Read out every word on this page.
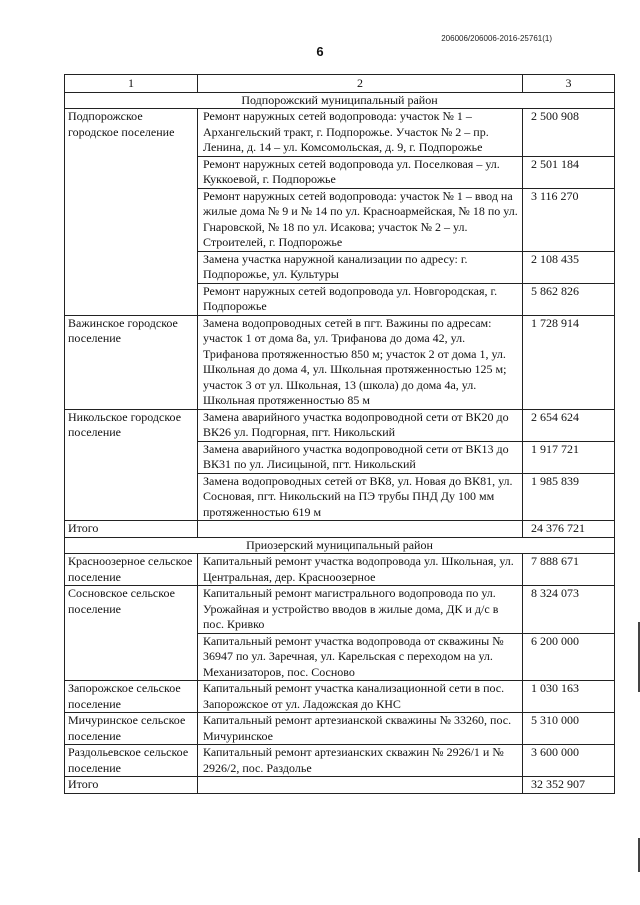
206006/206006-2016-25761(1)
6
1	2	3
Подпорожский муниципальный район		
Подпорожское городское поселение	Ремонт наружных сетей водопровода: участок № 1 – Архангельский тракт, г. Подпорожье. Участок № 2 – пр. Ленина, д. 14 – ул. Комсомольская, д. 9, г. Подпорожье	2 500 908
	Ремонт наружных сетей водопровода ул. Поселковая – ул. Куккоевой, г. Подпорожье	2 501 184
	Ремонт наружных сетей водопровода: участок № 1 – ввод на жилые дома № 9 и № 14 по ул. Красноармейская, № 18 по ул. Гнаровской, № 18 по ул. Исакова; участок № 2 – ул. Строителей, г. Подпорожье	3 116 270
	Замена участка наружной канализации по адресу: г. Подпорожье, ул. Культуры	2 108 435
	Ремонт наружных сетей водопровода ул. Новгородская, г. Подпорожье	5 862 826
Важинское городское поселение	Замена водопроводных сетей в пгт. Важины по адресам: участок 1 от дома 8а, ул. Трифанова до дома 42, ул. Трифанова протяженностью 850 м; участок 2 от дома 1, ул. Школьная до дома 4, ул. Школьная протяженностью 125 м; участок 3 от ул. Школьная, 13 (школа) до дома 4а, ул. Школьная протяженностью 85 м	1 728 914
Никольское городское поселение	Замена аварийного участка водопроводной сети от ВК20 до ВК26 ул. Подгорная, пгт. Никольский	2 654 624
	Замена аварийного участка водопроводной сети от ВК13 до ВК31 по ул. Лисицыной, пгт. Никольский	1 917 721
	Замена водопроводных сетей от ВК8, ул. Новая до ВК81, ул. Сосновая, пгт. Никольский на ПЭ трубы ПНД Ду 100 мм протяженностью 619 м	1 985 839
Итого		24 376 721
Приозерский муниципальный район		
Красноозерное сельское поселение	Капитальный ремонт участка водопровода ул. Школьная, ул. Центральная, дер. Красноозерное	7 888 671
Сосновское сельское поселение	Капитальный ремонт магистрального водопровода по ул. Урожайная и устройство вводов в жилые дома, ДК и д/с в пос. Кривко	8 324 073
	Капитальный ремонт участка водопровода от скважины № 36947 по ул. Заречная, ул. Карельская с переходом на ул. Механизаторов, пос. Сосново	6 200 000
Запорожское сельское поселение	Капитальный ремонт участка канализационной сети в пос. Запорожское от ул. Ладожская до КНС	1 030 163
Мичуринское сельское поселение	Капитальный ремонт артезианской скважины № 33260, пос. Мичуринское	5 310 000
Раздольевское сельское поселение	Капитальный ремонт артезианских скважин № 2926/1 и № 2926/2, пос. Раздолье	3 600 000
Итого		32 352 907
